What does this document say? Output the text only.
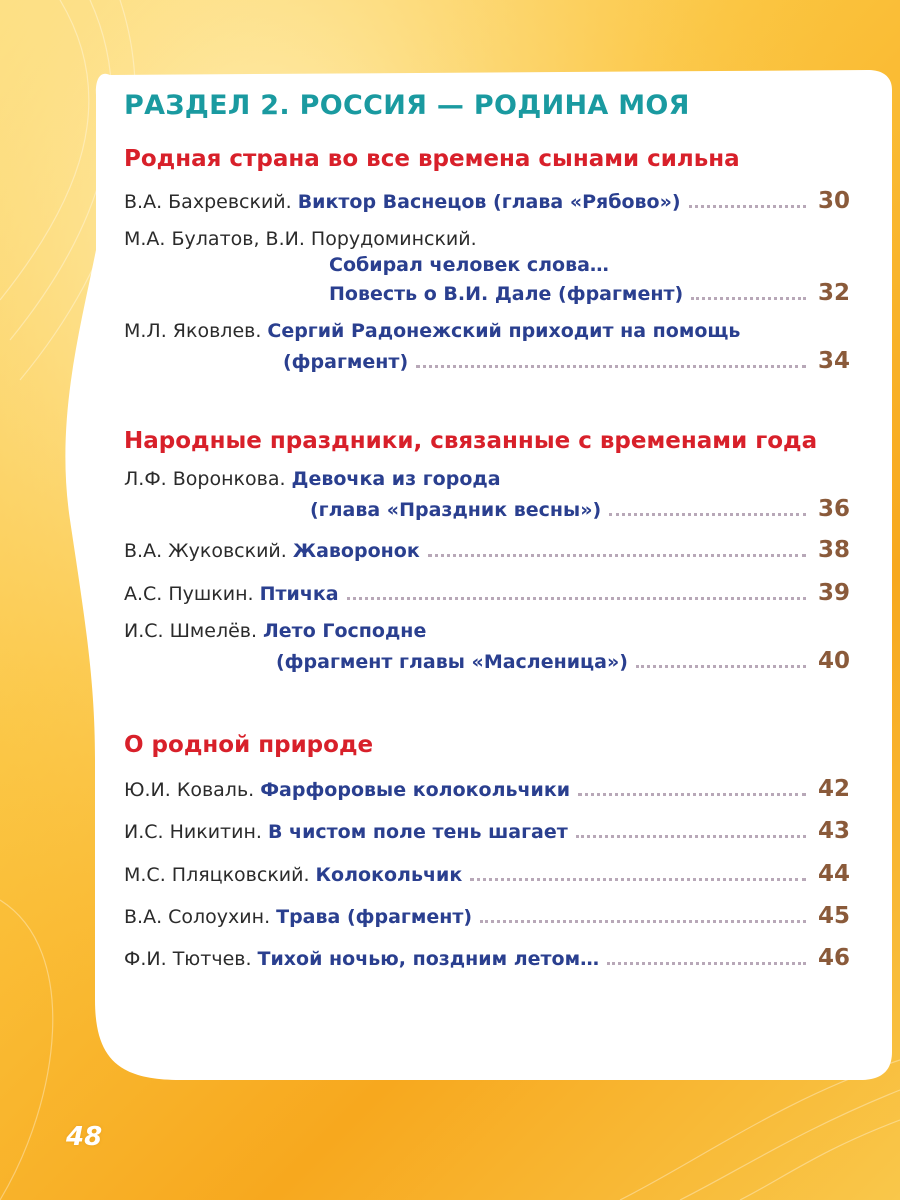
РАЗДЕЛ 2. РОССИЯ — РОДИНА МОЯ
Родная страна во все времена сынами сильна
В.А. Бахревский. Виктор Васнецов (глава «Рябово»)	30
М.А. Булатов, В.И. Порудоминский.
Собирал человек слова…
Повесть о В.И. Дале (фрагмент)	32
М.Л. Яковлев. Сергий Радонежский приходит на помощь
(фрагмент)	34
Народные праздники, связанные с временами года
Л.Ф. Воронкова. Девочка из города
(глава «Праздник весны»)	36
В.А. Жуковский. Жаворонок	38
А.С. Пушкин. Птичка	39
И.С. Шмелёв. Лето Господне
(фрагмент главы «Масленица»)	40
О родной природе
Ю.И. Коваль. Фарфоровые колокольчики	42
И.С. Никитин. В чистом поле тень шагает	43
М.С. Пляцковский. Колокольчик	44
В.А. Солоухин. Трава (фрагмент)	45
Ф.И. Тютчев. Тихой ночью, поздним летом…	46
48
